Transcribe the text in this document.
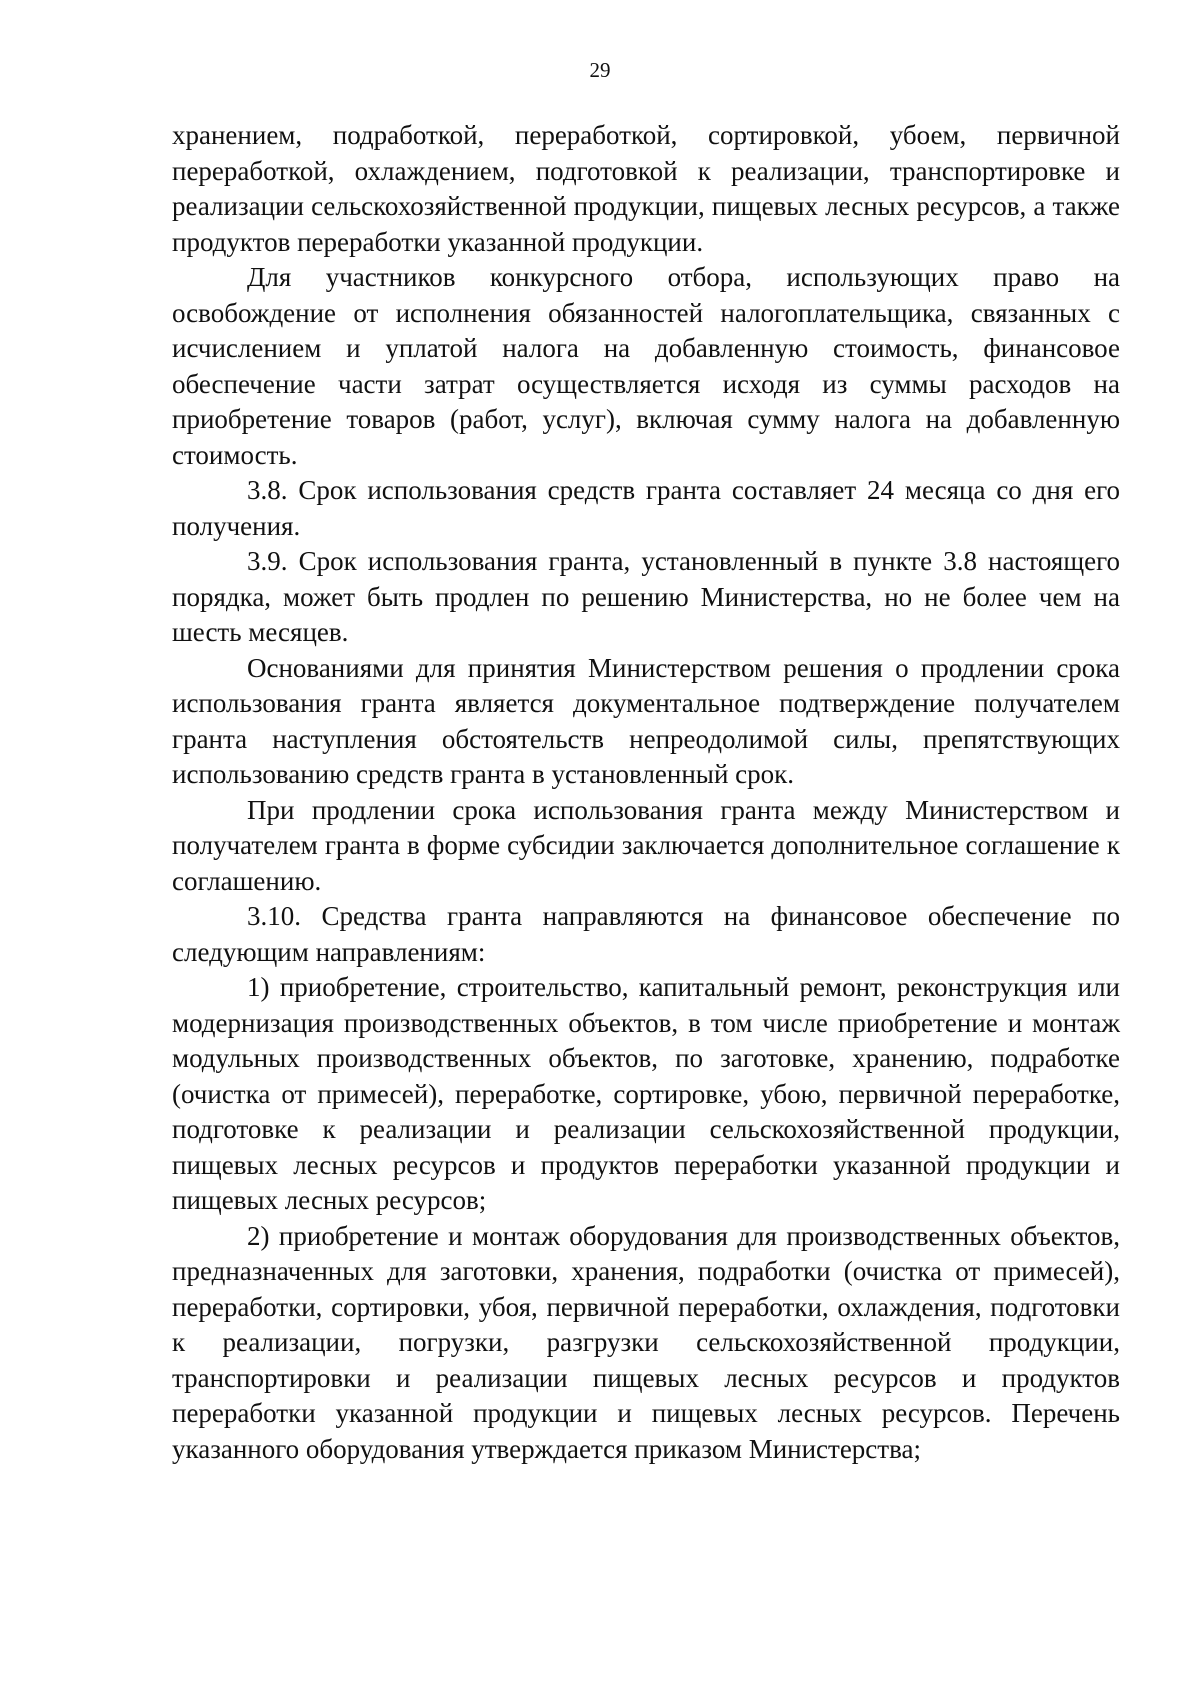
29

хранением, подработкой, переработкой, сортировкой, убоем, первичной переработкой, охлаждением, подготовкой к реализации, транспортировке и реализации сельскохозяйственной продукции, пищевых лесных ресурсов, а также продуктов переработки указанной продукции.

Для участников конкурсного отбора, использующих право на освобождение от исполнения обязанностей налогоплательщика, связанных с исчислением и уплатой налога на добавленную стоимость, финансовое обеспечение части затрат осуществляется исходя из суммы расходов на приобретение товаров (работ, услуг), включая сумму налога на добавленную стоимость.

3.8. Срок использования средств гранта составляет 24 месяца со дня его получения.

3.9. Срок использования гранта, установленный в пункте 3.8 настоящего порядка, может быть продлен по решению Министерства, но не более чем на шесть месяцев.

Основаниями для принятия Министерством решения о продлении срока использования гранта является документальное подтверждение получателем гранта наступления обстоятельств непреодолимой силы, препятствующих использованию средств гранта в установленный срок.

При продлении срока использования гранта между Министерством и получателем гранта в форме субсидии заключается дополнительное соглашение к соглашению.

3.10. Средства гранта направляются на финансовое обеспечение по следующим направлениям:

1) приобретение, строительство, капитальный ремонт, реконструкция или модернизация производственных объектов, в том числе приобретение и монтаж модульных производственных объектов, по заготовке, хранению, подработке (очистка от примесей), переработке, сортировке, убою, первичной переработке, подготовке к реализации и реализации сельскохозяйственной продукции, пищевых лесных ресурсов и продуктов переработки указанной продукции и пищевых лесных ресурсов;

2) приобретение и монтаж оборудования для производственных объектов, предназначенных для заготовки, хранения, подработки (очистка от примесей), переработки, сортировки, убоя, первичной переработки, охлаждения, подготовки к реализации, погрузки, разгрузки сельскохозяйственной продукции, транспортировки и реализации пищевых лесных ресурсов и продуктов переработки указанной продукции и пищевых лесных ресурсов. Перечень указанного оборудования утверждается приказом Министерства;
